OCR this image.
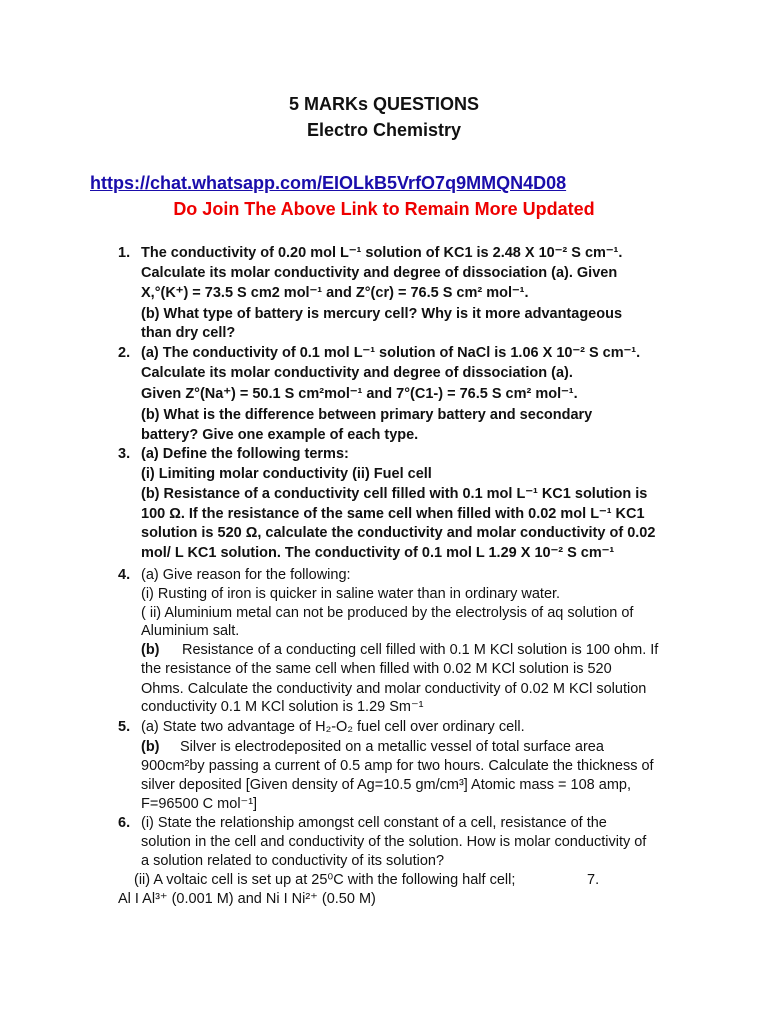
5 MARKs QUESTIONS
Electro Chemistry
https://chat.whatsapp.com/EIOLkB5VrfO7q9MMQN4D08
Do Join The Above Link to Remain More Updated
1. The conductivity of 0.20 mol L⁻¹ solution of KC1 is 2.48 X 10⁻² S cm⁻¹.
Calculate its molar conductivity and degree of dissociation (a). Given
X,°(K⁺) = 73.5 S cm2 mol⁻¹ and Z°(cr) = 76.5 S cm² mol⁻¹.
(b) What type of battery is mercury cell? Why is it more advantageous
than dry cell?
2. (a) The conductivity of 0.1 mol L⁻¹ solution of NaCl is 1.06 X 10⁻² S cm⁻¹.
Calculate its molar conductivity and degree of dissociation (a).
Given Z°(Na⁺) = 50.1 S cm²mol⁻¹ and 7°(C1-) = 76.5 S cm² mol⁻¹.
(b) What is the difference between primary battery and secondary
battery? Give one example of each type.
3. (a) Define the following terms:
(i) Limiting molar conductivity (ii) Fuel cell
(b) Resistance of a conductivity cell filled with 0.1 mol L⁻¹ KC1 solution is
100 Ω. If the resistance of the same cell when filled with 0.02 mol L⁻¹ KC1
solution is 520 Ω, calculate the conductivity and molar conductivity of 0.02
mol/ L KC1 solution. The conductivity of 0.1 mol L 1.29 X 10⁻² S cm⁻¹
4. (a) Give reason for the following:
(i) Rusting of iron is quicker in saline water than in ordinary water.
( ii) Aluminium metal can not be produced by the electrolysis of aq solution of
Aluminium salt.
(b) Resistance of a conducting cell filled with 0.1 M KCl solution is 100 ohm. If
the resistance of the same cell when filled with 0.02 M KCl solution is 520
Ohms. Calculate the conductivity and molar conductivity of 0.02 M KCl solution
conductivity 0.1 M KCl solution is 1.29 Sm⁻¹
5. (a) State two advantage of H₂-O₂ fuel cell over ordinary cell.
(b) Silver is electrodeposited on a metallic vessel of total surface area
900cm²by passing a current of 0.5 amp for two hours. Calculate the thickness of
silver deposited [Given density of Ag=10.5 gm/cm³] Atomic mass = 108 amp,
F=96500 C mol⁻¹]
6. (i) State the relationship amongst cell constant of a cell, resistance of the
solution in the cell and conductivity of the solution. How is molar conductivity of
a solution related to conductivity of its solution?
(ii) A voltaic cell is set up at 25⁰C with the following half cell;	7.
Al I Al³⁺ (0.001 M) and Ni I Ni²⁺ (0.50 M)
